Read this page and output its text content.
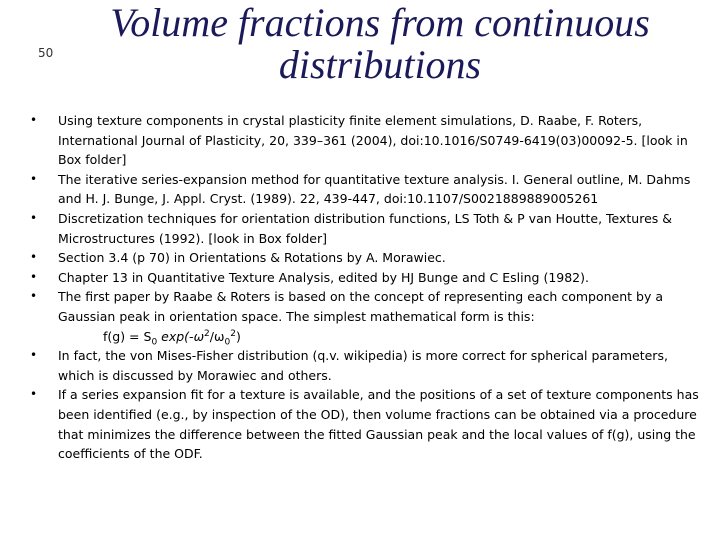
50
Volume fractions from continuous
distributions
• Using texture components in crystal plasticity finite element simulations, D. Raabe, F. Roters, International Journal of Plasticity, 20, 339–361 (2004), doi:10.1016/S0749-6419(03)00092-5. [look in Box folder]
• The iterative series-expansion method for quantitative texture analysis. I. General outline, M. Dahms and H. J. Bunge, J. Appl. Cryst. (1989). 22, 439-447, doi:10.1107/S0021889889005261
• Discretization techniques for orientation distribution functions, LS Toth & P van Houtte, Textures & Microstructures (1992). [look in Box folder]
• Section 3.4 (p 70) in Orientations & Rotations by A. Morawiec.
• Chapter 13 in Quantitative Texture Analysis, edited by HJ Bunge and C Esling (1982).
• The first paper by Raabe & Roters is based on the concept of representing each component by a Gaussian peak in orientation space. The simplest mathematical form is this:
$f(g) = S_0$ $\exp(-\omega^2/\omega_0^2)$
• In fact, the von Mises-Fisher distribution (q.v. wikipedia) is more correct for spherical parameters, which is discussed by Morawiec and others.
• If a series expansion fit for a texture is available, and the positions of a set of texture components has been identified (e.g., by inspection of the OD), then volume fractions can be obtained via a procedure that minimizes the difference between the fitted Gaussian peak and the local values of f(g), using the coefficients of the ODF.
